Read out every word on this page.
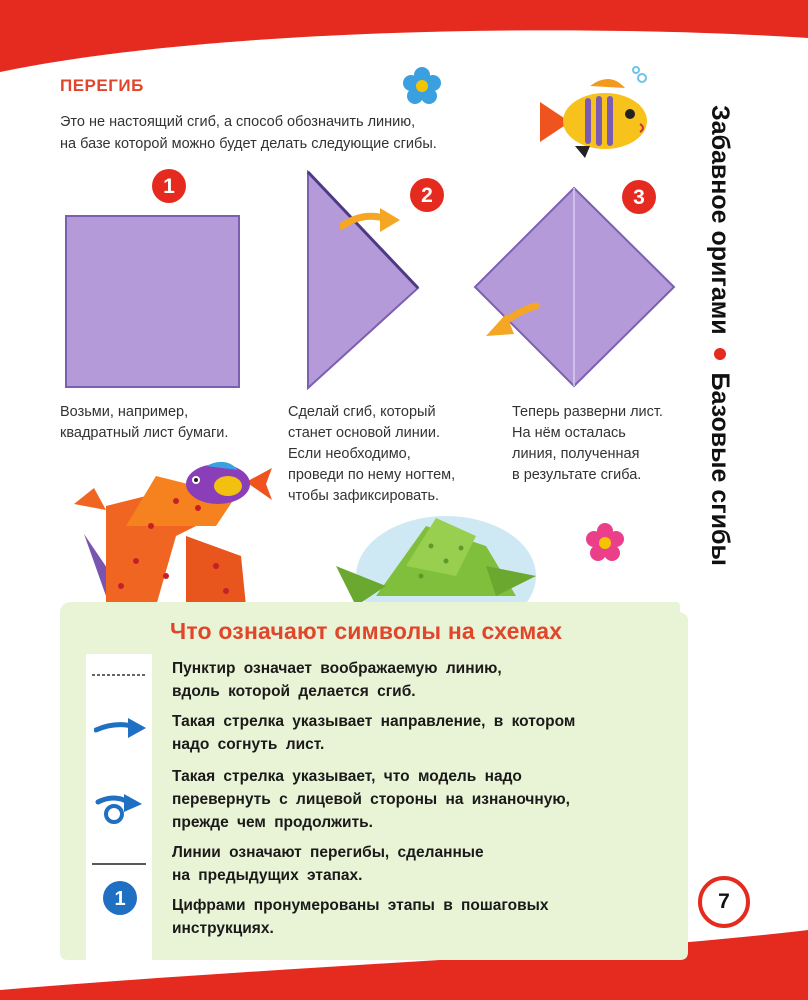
ПЕРЕГИБ
Это не настоящий сгиб, а способ обозначить линию,
на базе которой можно будет делать следующие сгибы.	Забавное оригами  Базовые сгибы
1
Возьми, например,
квадратный лист бумаги.
2
Сделай сгиб, который
станет основой линии.
Если необходимо,
проведи по нему ногтем,
чтобы зафиксировать.
3
Теперь разверни лист.
На нём осталась
линия, полученная
в результате сгиба.
Что означают символы на схемах
1
Пунктир означает воображаемую линию,
вдоль которой делается сгиб.
Такая стрелка указывает направление, в котором
надо согнуть лист.
Такая стрелка указывает, что модель надо
перевернуть с лицевой стороны на изнаночную,
прежде чем продолжить.
Линии означают перегибы, сделанные
на предыдущих этапах.
Цифрами пронумерованы этапы в пошаговых
инструкциях.
7
